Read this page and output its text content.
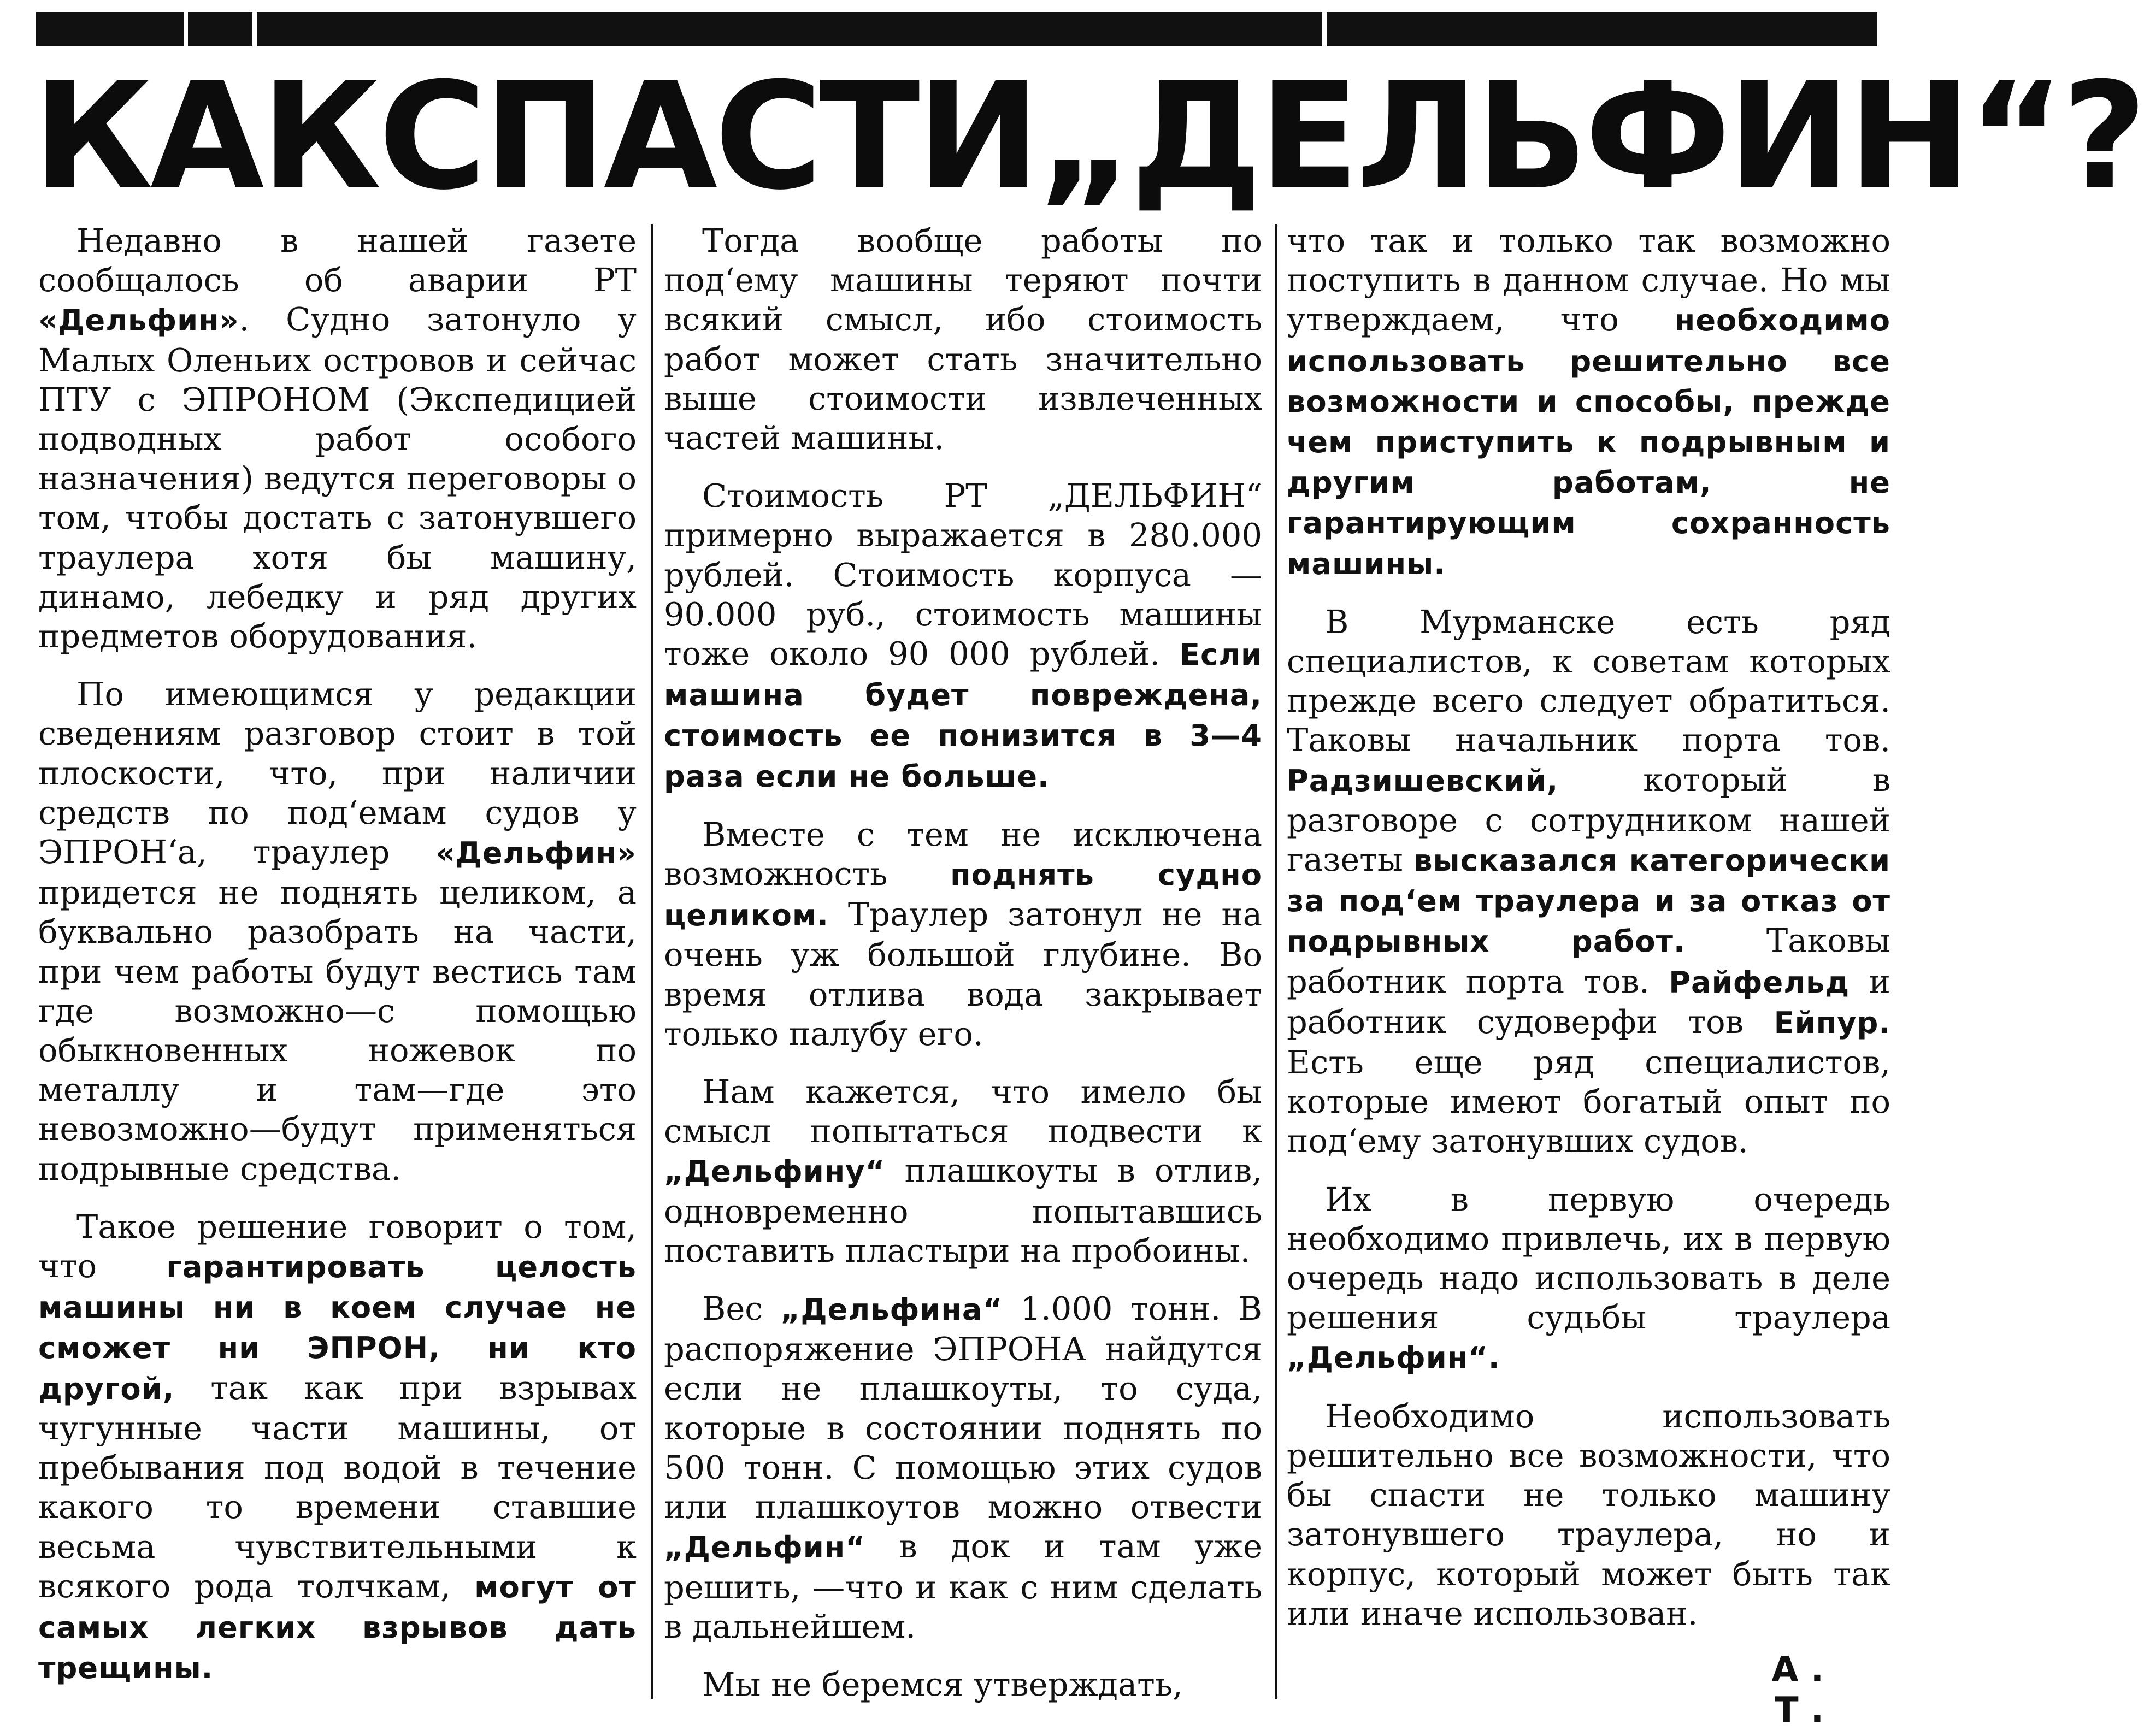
КАК СПАСТИ „ДЕЛЬФИН“?

Недавно в нашей газете сообщалось об аварии РТ «Дельфин». Судно затонуло у Малых Оленьих островов и сейчас ПТУ с ЭПРОНОМ (Экспедицией подводных работ особого назначения) ведутся переговоры о том, чтобы достать с затонувшего траулера хотя бы машину, динамо, лебедку и ряд других предметов оборудования.

По имеющимся у редакции сведениям разговор стоит в той плоскости, что, при наличии средств по под‘емам судов у ЭПРОН‘а, траулер «Дельфин» придется не поднять целиком, а буквально разобрать на части, при чем работы будут вестись там где возможно—с помощью обыкновенных ножевок по металлу и там—где это невозможно—будут применяться подрывные средства.

Такое решение говорит о том, что гарантировать целость машины ни в коем случае не сможет ни ЭПРОН, ни кто другой, так как при взрывах чугунные части машины, от пребывания под водой в течение какого то времени ставшие весьма чувствительными к всякого рода толчкам, могут от самых легких взрывов дать трещины.

Тогда вообще работы по под‘ему машины теряют почти всякий смысл, ибо стоимость работ может стать значительно выше стоимости извлеченных частей машины.

Стоимость РТ „ДЕЛЬФИН“ примерно выражается в 280.000 рублей. Стоимость корпуса — 90.000 руб., стоимость машины тоже около 90 000 рублей. Если машина будет повреждена, стоимость ее понизится в 3—4 раза если не больше.

Вместе с тем не исключена возможность поднять судно целиком. Траулер затонул не на очень уж большой глубине. Во время отлива вода закрывает только палубу его.

Нам кажется, что имело бы смысл попытаться подвести к „Дельфину“ плашкоуты в отлив, одновременно попытавшись поставить пластыри на пробоины.

Вес „Дельфина“ 1.000 тонн. В распоряжение ЭПРОНА найдутся если не плашкоуты, то суда, которые в состоянии поднять по 500 тонн. С помощью этих судов или плашкоутов можно отвести „Дельфин“ в док и там уже решить, —что и как с ним сделать в дальнейшем.

Мы не беремся утверждать,

что так и только так возможно поступить в данном случае. Но мы утверждаем, что необходимо использовать решительно все возможности и способы, прежде чем приступить к подрывным и другим работам, не гарантирующим сохранность машины.

В Мурманске есть ряд специалистов, к советам которых прежде всего следует обратиться. Таковы начальник порта тов. Радзишевский, который в разговоре с сотрудником нашей газеты высказался категорически за под‘ем траулера и за отказ от подрывных работ. Таковы работник порта тов. Райфельд и работник судоверфи тов Ейпур. Есть еще ряд специалистов, которые имеют богатый опыт по под‘ему затонувших судов.

Их в первую очередь необходимо привлечь, их в первую очередь надо использовать в деле решения судьбы траулера „Дельфин“.

Необходимо использовать решительно все возможности, что бы спасти не только машину затонувшего траулера, но и корпус, который может быть так или иначе использован.

А. Т.
